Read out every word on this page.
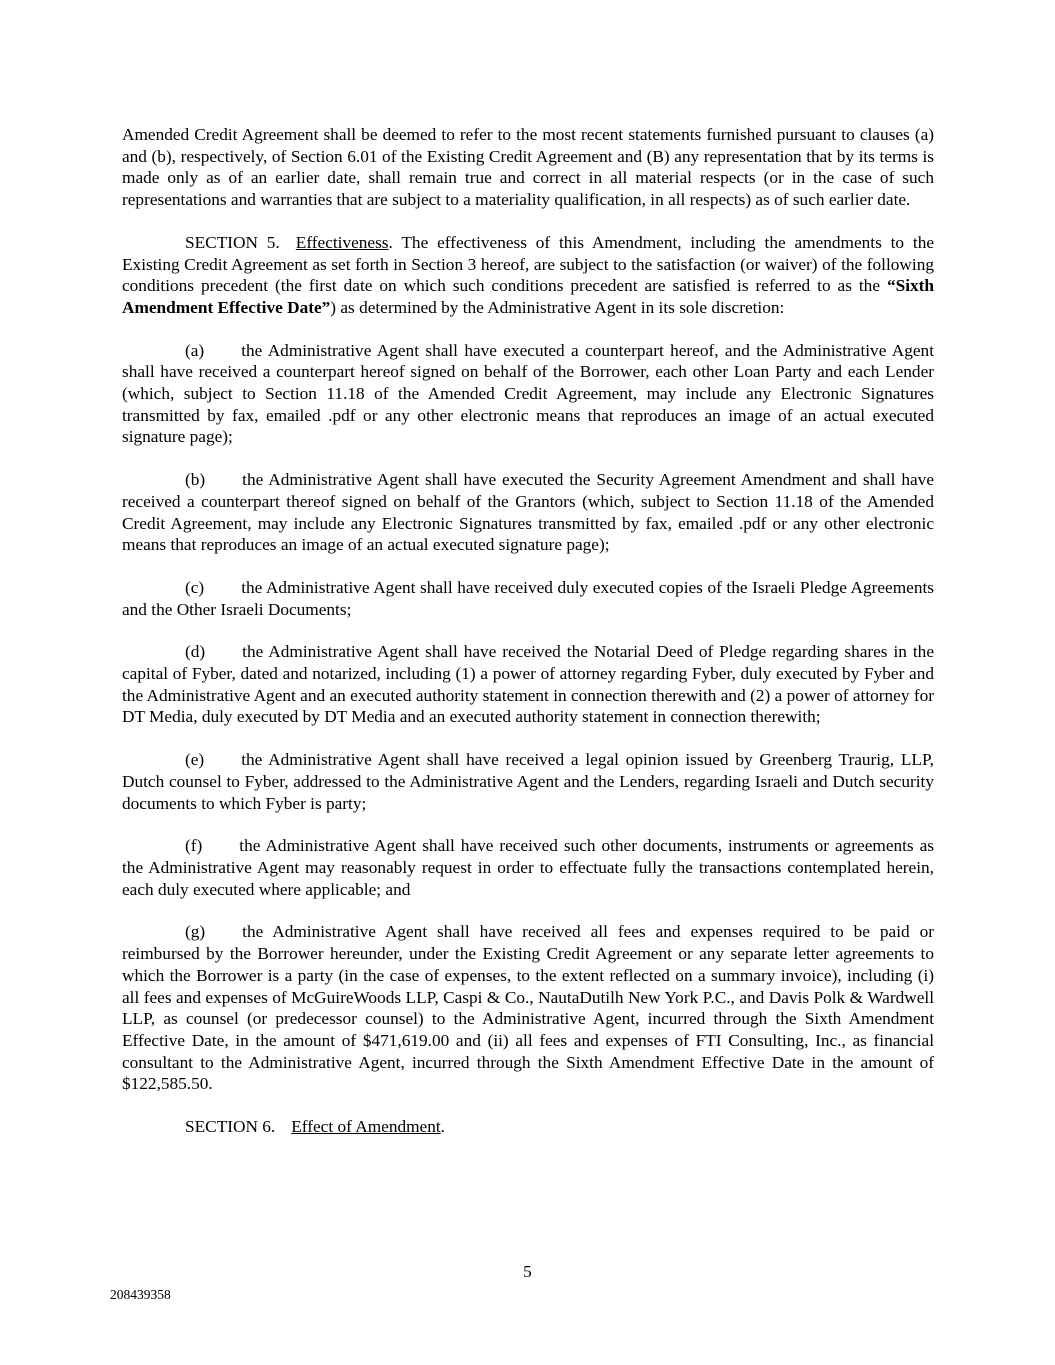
Amended Credit Agreement shall be deemed to refer to the most recent statements furnished pursuant to clauses (a) and (b), respectively, of Section 6.01 of the Existing Credit Agreement and (B) any representation that by its terms is made only as of an earlier date, shall remain true and correct in all material respects (or in the case of such representations and warranties that are subject to a materiality qualification, in all respects) as of such earlier date.

SECTION 5. Effectiveness. The effectiveness of this Amendment, including the amendments to the Existing Credit Agreement as set forth in Section 3 hereof, are subject to the satisfaction (or waiver) of the following conditions precedent (the first date on which such conditions precedent are satisfied is referred to as the “Sixth Amendment Effective Date”) as determined by the Administrative Agent in its sole discretion:

(a) the Administrative Agent shall have executed a counterpart hereof, and the Administrative Agent shall have received a counterpart hereof signed on behalf of the Borrower, each other Loan Party and each Lender (which, subject to Section 11.18 of the Amended Credit Agreement, may include any Electronic Signatures transmitted by fax, emailed .pdf or any other electronic means that reproduces an image of an actual executed signature page);

(b) the Administrative Agent shall have executed the Security Agreement Amendment and shall have received a counterpart thereof signed on behalf of the Grantors (which, subject to Section 11.18 of the Amended Credit Agreement, may include any Electronic Signatures transmitted by fax, emailed .pdf or any other electronic means that reproduces an image of an actual executed signature page);

(c) the Administrative Agent shall have received duly executed copies of the Israeli Pledge Agreements and the Other Israeli Documents;

(d) the Administrative Agent shall have received the Notarial Deed of Pledge regarding shares in the capital of Fyber, dated and notarized, including (1) a power of attorney regarding Fyber, duly executed by Fyber and the Administrative Agent and an executed authority statement in connection therewith and (2) a power of attorney for DT Media, duly executed by DT Media and an executed authority statement in connection therewith;

(e) the Administrative Agent shall have received a legal opinion issued by Greenberg Traurig, LLP, Dutch counsel to Fyber, addressed to the Administrative Agent and the Lenders, regarding Israeli and Dutch security documents to which Fyber is party;

(f) the Administrative Agent shall have received such other documents, instruments or agreements as the Administrative Agent may reasonably request in order to effectuate fully the transactions contemplated herein, each duly executed where applicable; and

(g) the Administrative Agent shall have received all fees and expenses required to be paid or reimbursed by the Borrower hereunder, under the Existing Credit Agreement or any separate letter agreements to which the Borrower is a party (in the case of expenses, to the extent reflected on a summary invoice), including (i) all fees and expenses of McGuireWoods LLP, Caspi & Co., NautaDutilh New York P.C., and Davis Polk & Wardwell LLP, as counsel (or predecessor counsel) to the Administrative Agent, incurred through the Sixth Amendment Effective Date, in the amount of $471,619.00 and (ii) all fees and expenses of FTI Consulting, Inc., as financial consultant to the Administrative Agent, incurred through the Sixth Amendment Effective Date in the amount of $122,585.50.

SECTION 6. Effect of Amendment.

5
208439358
